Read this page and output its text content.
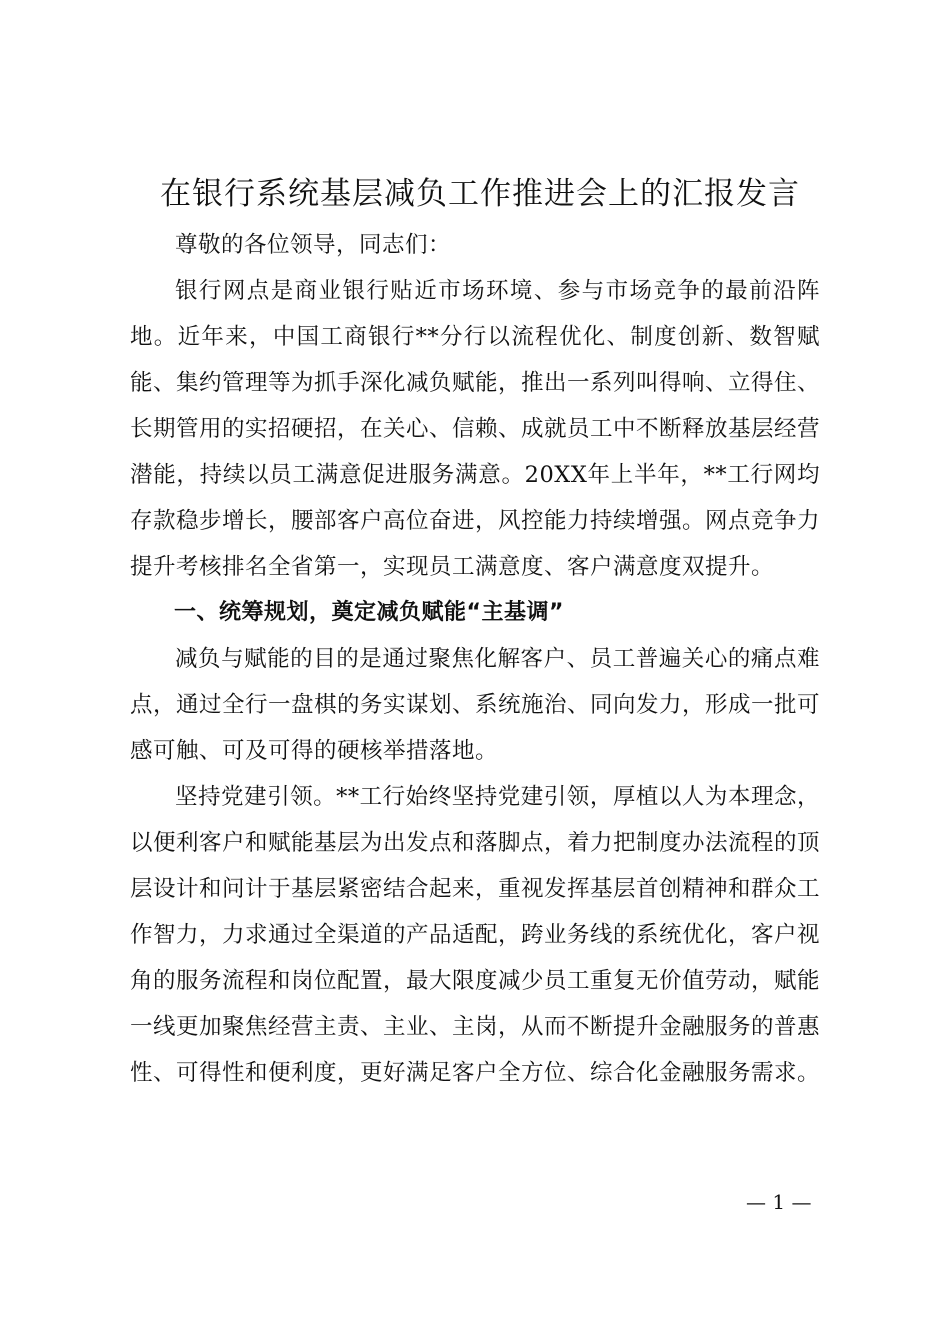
在银行系统基层减负工作推进会上的汇报发言

尊敬的各位领导，同志们：

银行网点是商业银行贴近市场环境、参与市场竞争的最前沿阵地。近年来，中国工商银行**分行以流程优化、制度创新、数智赋能、集约管理等为抓手深化减负赋能，推出一系列叫得响、立得住、长期管用的实招硬招，在关心、信赖、成就员工中不断释放基层经营潜能，持续以员工满意促进服务满意。20XX年上半年，**工行网均存款稳步增长，腰部客户高位奋进，风控能力持续增强。网点竞争力提升考核排名全省第一，实现员工满意度、客户满意度双提升。

一、统筹规划，奠定减负赋能“主基调”

减负与赋能的目的是通过聚焦化解客户、员工普遍关心的痛点难点，通过全行一盘棋的务实谋划、系统施治、同向发力，形成一批可感可触、可及可得的硬核举措落地。

坚持党建引领。**工行始终坚持党建引领，厚植以人为本理念，以便利客户和赋能基层为出发点和落脚点，着力把制度办法流程的顶层设计和问计于基层紧密结合起来，重视发挥基层首创精神和群众工作智力，力求通过全渠道的产品适配，跨业务线的系统优化，客户视角的服务流程和岗位配置，最大限度减少员工重复无价值劳动，赋能一线更加聚焦经营主责、主业、主岗，从而不断提升金融服务的普惠性、可得性和便利度，更好满足客户全方位、综合化金融服务需求。

— 1 —
